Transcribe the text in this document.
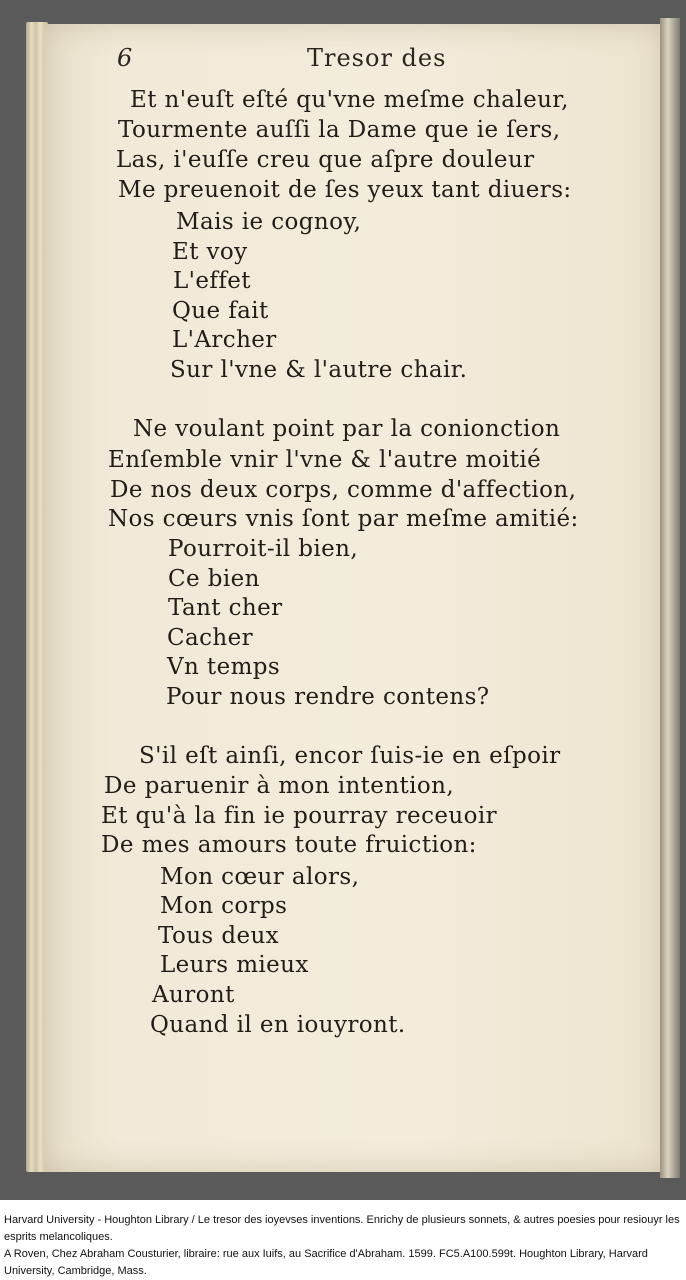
6	Tresor des
Et n'euſt eſté qu'vne meſme chaleur,
Tourmente auſſi la Dame que ie ſers,
Las, i'euſſe creu que aſpre douleur
Me preuenoit de ſes yeux tant diuers:
Mais ie cognoy,
Et voy
L'effet
Que fait
L'Archer
Sur l'vne & l'autre chair.
Ne voulant point par la conionction
Enſemble vnir l'vne & l'autre moitié
De nos deux corps, comme d'affection,
Nos cœurs vnis ſont par meſme amitié:
Pourroit-il bien,
Ce bien
Tant cher
Cacher
Vn temps
Pour nous rendre contens?
S'il eſt ainſi, encor ſuis-ie en eſpoir
De paruenir à mon intention,
Et qu'à la fin ie pourray receuoir
De mes amours toute fruiction:
Mon cœur alors,
Mon corps
Tous deux
Leurs mieux
Auront
Quand il en iouyront.
Harvard University - Houghton Library / Le tresor des ioyevses inventions. Enrichy de plusieurs sonnets, & autres poesies pour resiouyr les esprits melancoliques.
A Roven, Chez Abraham Cousturier, libraire: rue aux Iuifs, au Sacrifice d'Abraham. 1599. FC5.A100.599t. Houghton Library, Harvard University, Cambridge, Mass.
